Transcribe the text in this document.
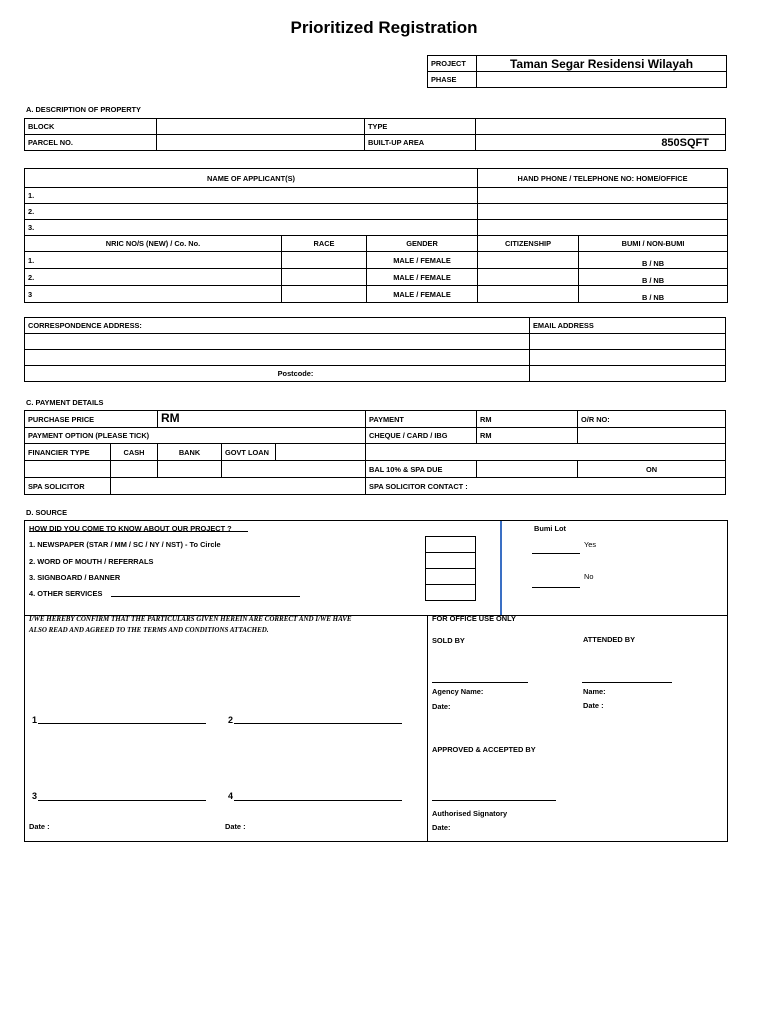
Prioritized Registration
PROJECT	Taman Segar Residensi Wilayah
PHASE	
A. DESCRIPTION OF PROPERTY
BLOCK		TYPE	
PARCEL NO.		BUILT-UP AREA	850SQFT
NAME OF APPLICANT(S)			HAND PHONE / TELEPHONE NO: HOME/OFFICE	
1.				
2.				
3.				
NRIC NO/S (NEW) / Co. No.	RACE	GENDER	CITIZENSHIP	BUMI / NON-BUMI
1.		MALE / FEMALE		B / NB
2.		MALE / FEMALE		B / NB
3		MALE / FEMALE		B / NB
CORRESPONDENCE ADDRESS:	EMAIL ADDRESS

Postcode:	
C. PAYMENT DETAILS
PURCHASE PRICE		RM			PAYMENT	RM	O/R NO:
PAYMENT OPTION (PLEASE TICK)					CHEQUE / CARD / IBG	RM	
FINANCIER TYPE	CASH	BANK	GOVT LOAN				
					BAL 10% & SPA DUE		ON
SPA SOLICITOR					SPA SOLICITOR CONTACT :		
D. SOURCE
HOW DID YOU COME TO KNOW ABOUT OUR PROJECT ?
1. NEWSPAPER (STAR / MM / SC / NY / NST) - To Circle
2. WORD OF MOUTH / REFERRALS
3. SIGNBOARD / BANNER
4. OTHER SERVICES
Bumi Lot
Yes
No
I/WE HEREBY CONFIRM THAT THE PARTICULARS GIVEN HEREIN ARE CORRECT AND I/WE HAVE
ALSO READ AND AGREED TO THE TERMS AND CONDITIONS ATTACHED.
1	2
3	4
Date :	Date :
FOR OFFICE USE ONLY
SOLD BY	ATTENDED BY
Agency Name:	Name:
Date:	Date :
APPROVED & ACCEPTED BY
Authorised Signatory
Date:
